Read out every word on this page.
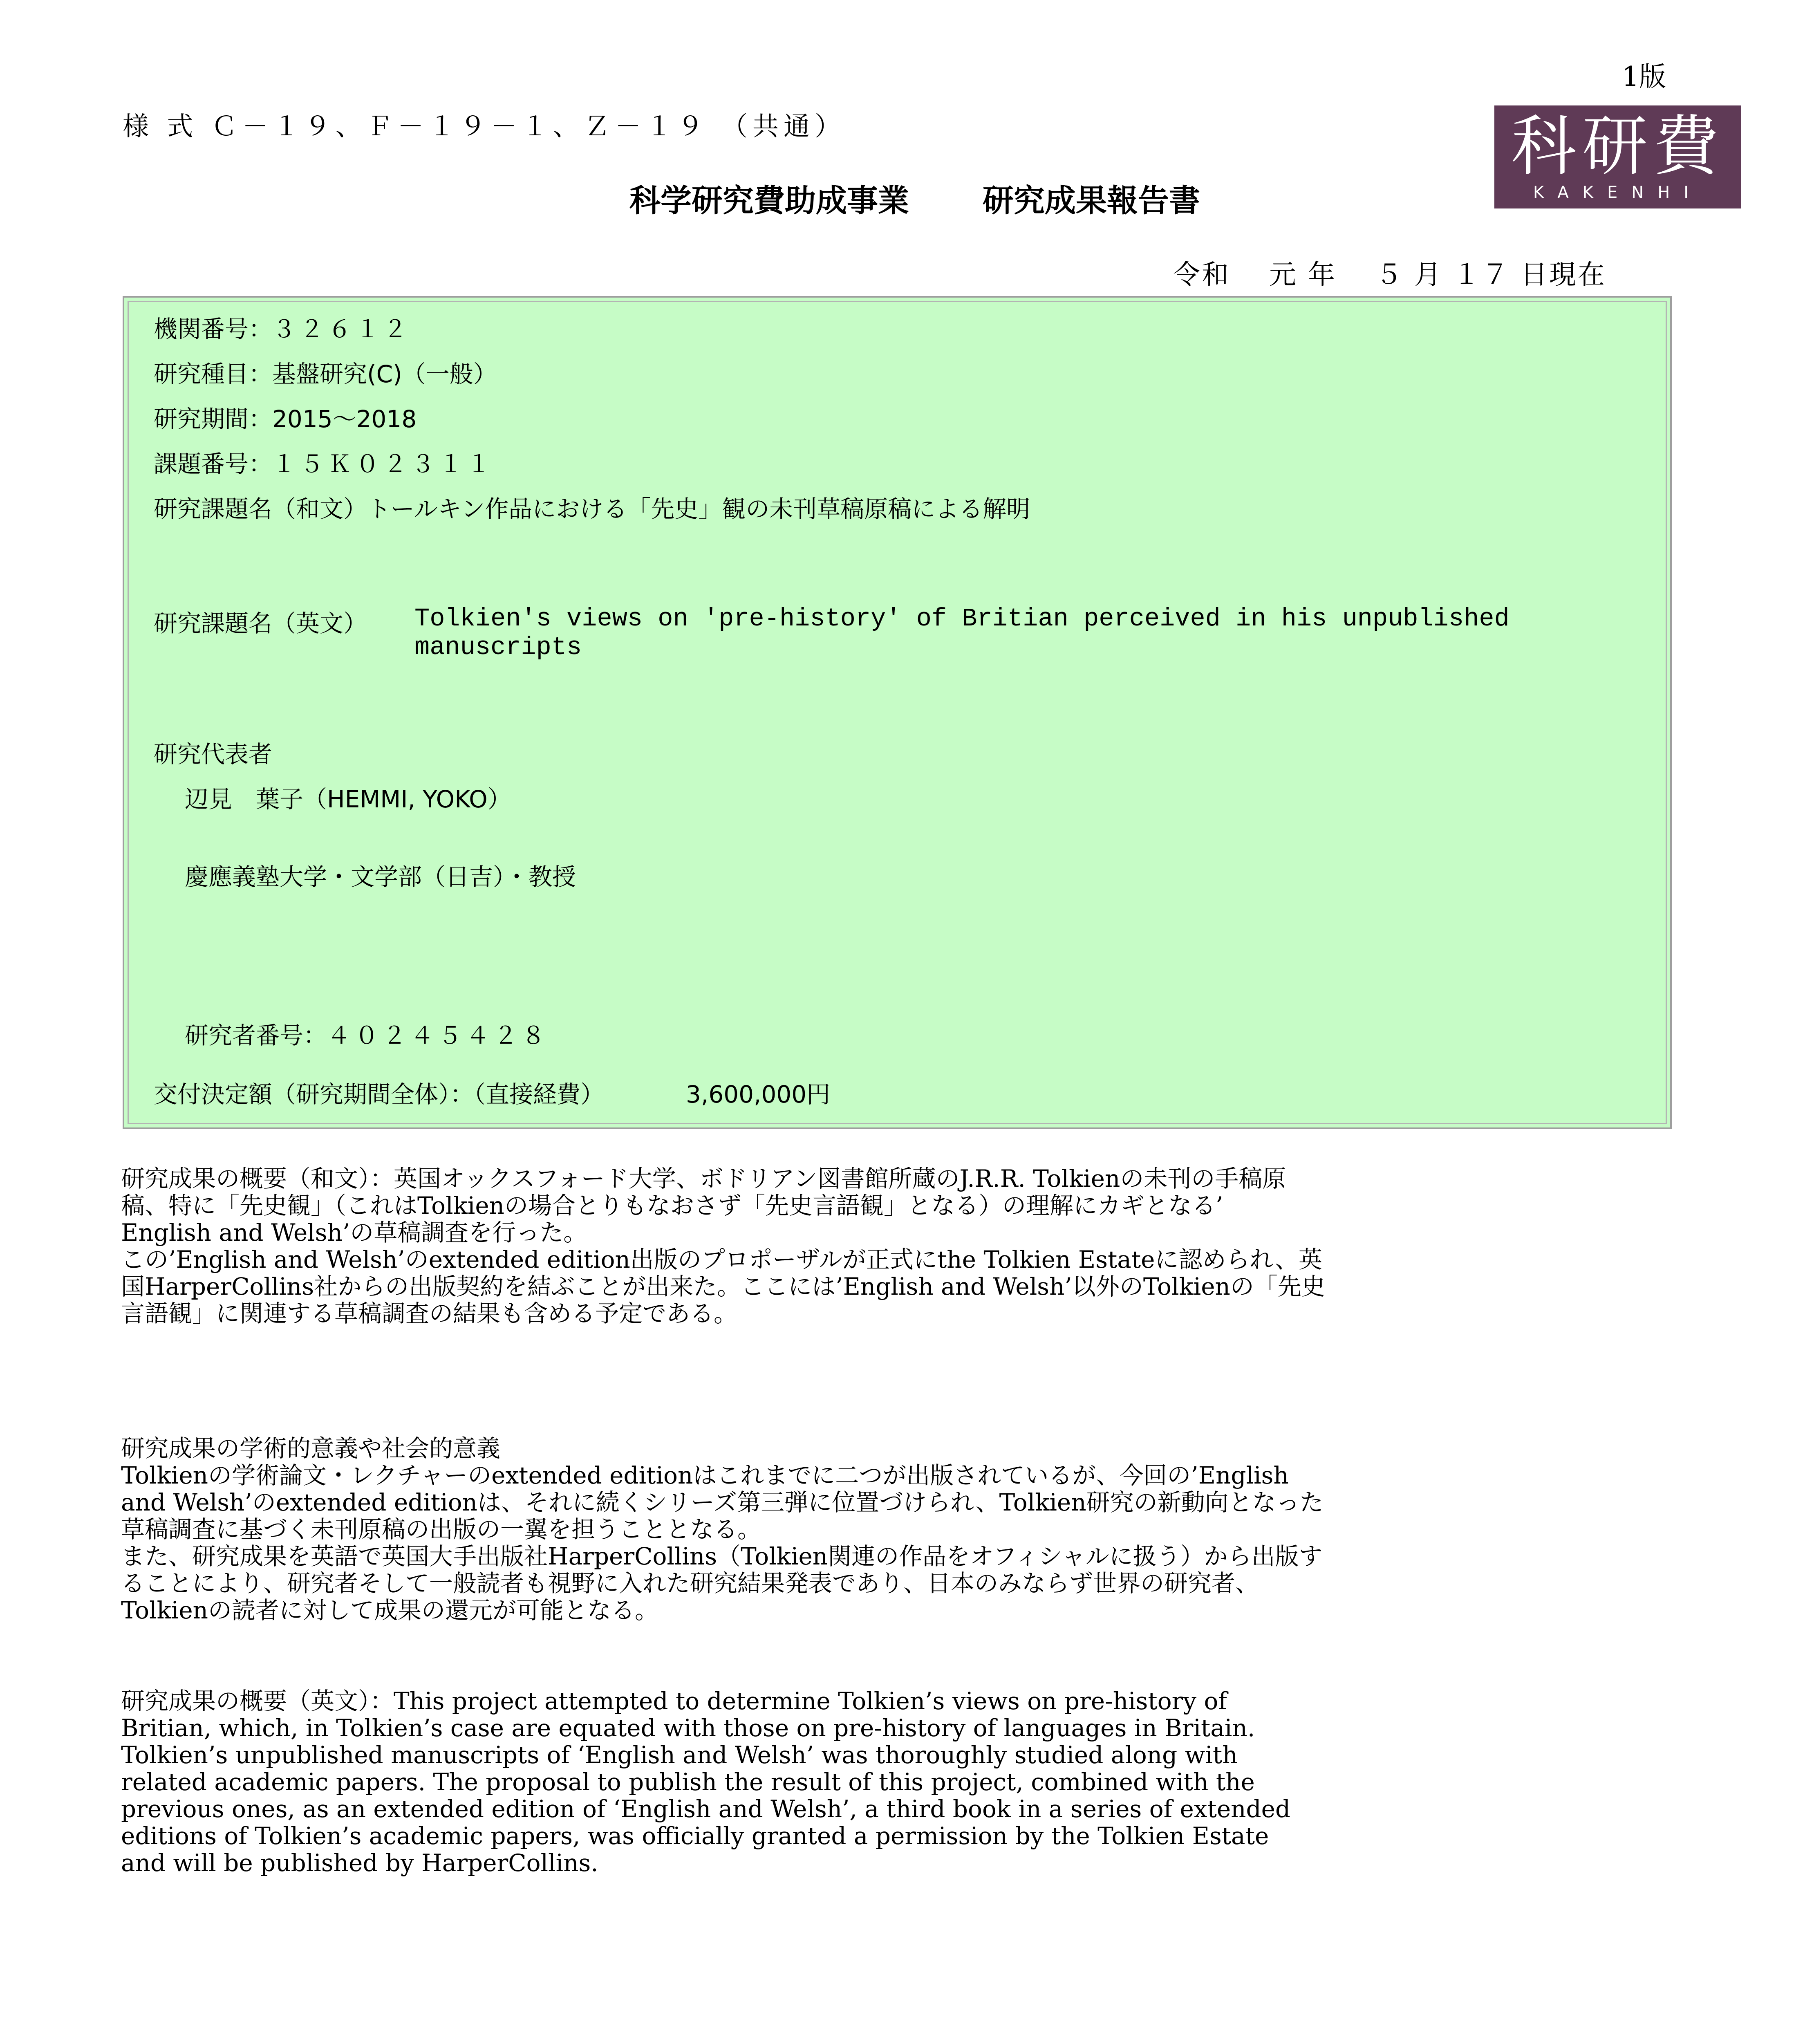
1版
様 式 Ｃ－１９、Ｆ－１９－１、Ｚ－１９ （共通）	科研費
KAKENHI
科学研究費助成事業 研究成果報告書
令和　 元 年　 ５ 月 １７ 日現在
機関番号：３２６１２
研究種目：基盤研究(C)（一般）
研究期間：2015～2018
課題番号：１５Ｋ０２３１１
研究課題名（和文）トールキン作品における「先史」観の未刊草稿原稿による解明
研究課題名（英文） Tolkien's views on 'pre-history' of Britian perceived in his unpublished
manuscripts
研究代表者
辺見　葉子（HEMMI, YOKO）
慶應義塾大学・文学部（日吉）・教授
研究者番号：４０２４５４２８
交付決定額（研究期間全体）：（直接経費）	3,600,000円

研究成果の概要（和文）：英国オックスフォード大学、ボドリアン図書館所蔵のJ.R.R. Tolkienの未刊の手稿原

稿、特に「先史観」（これはTolkienの場合とりもなおさず「先史言語観」となる）の理解にカギとなる’

English and Welsh’の草稿調査を行った。

この’English and Welsh’のextended edition出版のプロポーザルが正式にthe Tolkien Estateに認められ、英

国HarperCollins社からの出版契約を結ぶことが出来た。ここには’English and Welsh’以外のTolkienの「先史

言語観」に関連する草稿調査の結果も含める予定である。

研究成果の学術的意義や社会的意義

Tolkienの学術論文・レクチャーのextended editionはこれまでに二つが出版されているが、今回の’English

and Welsh’のextended editionは、それに続くシリーズ第三弾に位置づけられ、Tolkien研究の新動向となった

草稿調査に基づく未刊原稿の出版の一翼を担うこととなる。

また、研究成果を英語で英国大手出版社HarperCollins（Tolkien関連の作品をオフィシャルに扱う）から出版す

ることにより、研究者そして一般読者も視野に入れた研究結果発表であり、日本のみならず世界の研究者、

Tolkienの読者に対して成果の還元が可能となる。

研究成果の概要（英文）：This project attempted to determine Tolkien’s views on pre-history of

Britian, which, in Tolkien’s case are equated with those on pre-history of languages in Britain.

Tolkien’s unpublished manuscripts of ‘English and Welsh’ was thoroughly studied along with

related academic papers. The proposal to publish the result of this project, combined with the

previous ones, as an extended edition of ‘English and Welsh’, a third book in a series of extended

editions of Tolkien’s academic papers, was officially granted a permission by the Tolkien Estate

and will be published by HarperCollins.
